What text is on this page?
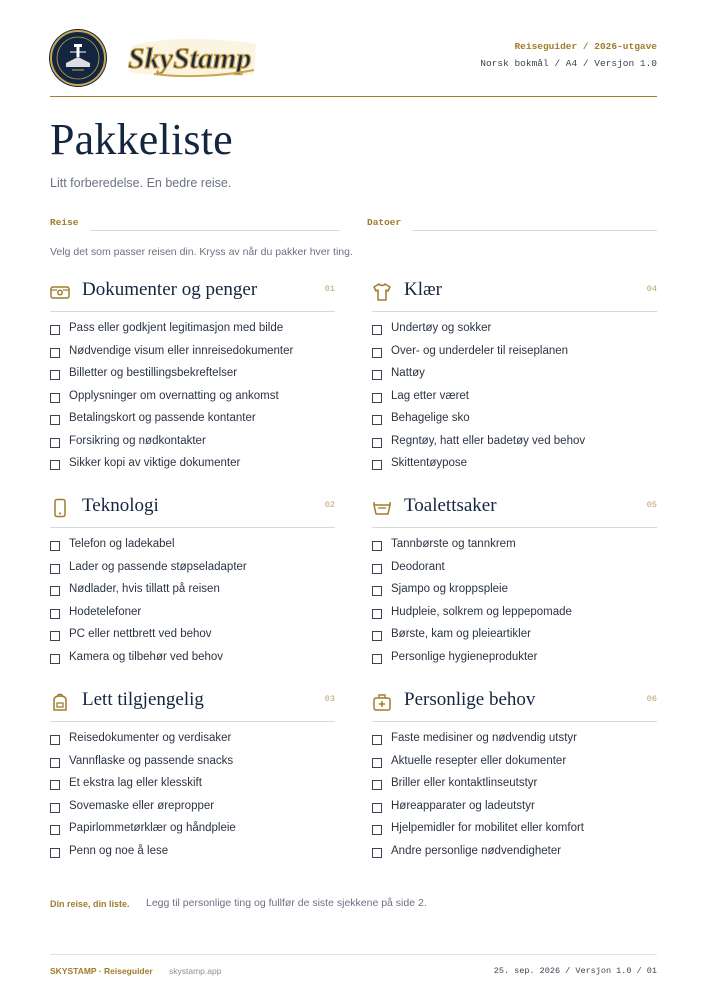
SkyStamp	Reiseguider / 2026-utgave
Norsk bokmål / A4 / Versjon 1.0
Pakkeliste
Litt forberedelse. En bedre reise.
Reise	Datoer
Velg det som passer reisen din. Kryss av når du pakker hver ting.
Dokumenter og penger	01
Pass eller godkjent legitimasjon med bilde
Nødvendige visum eller innreisedokumenter
Billetter og bestillingsbekreftelser
Opplysninger om overnatting og ankomst
Betalingskort og passende kontanter
Forsikring og nødkontakter
Sikker kopi av viktige dokumenter
Teknologi	02
Telefon og ladekabel
Lader og passende støpseladapter
Nødlader, hvis tillatt på reisen
Hodetelefoner
PC eller nettbrett ved behov
Kamera og tilbehør ved behov
Lett tilgjengelig	03
Reisedokumenter og verdisaker
Vannflaske og passende snacks
Et ekstra lag eller klesskift
Sovemaske eller ørepropper
Papirlommetørklær og håndpleie
Penn og noe å lese
Klær	04
Undertøy og sokker
Over- og underdeler til reiseplanen
Nattøy
Lag etter været
Behagelige sko
Regntøy, hatt eller badetøy ved behov
Skittentøypose
Toalettsaker	05
Tannbørste og tannkrem
Deodorant
Sjampo og kroppspleie
Hudpleie, solkrem og leppepomade
Børste, kam og pleieartikler
Personlige hygieneprodukter
Personlige behov	06
Faste medisiner og nødvendig utstyr
Aktuelle resepter eller dokumenter
Briller eller kontaktlinseutstyr
Høreapparater og ladeutstyr
Hjelpemidler for mobilitet eller komfort
Andre personlige nødvendigheter
Din reise, din liste. Legg til personlige ting og fullfør de siste sjekkene på side 2.
SKYSTAMP · Reiseguider skystamp.app	25. sep. 2026 / Versjon 1.0 / 01
